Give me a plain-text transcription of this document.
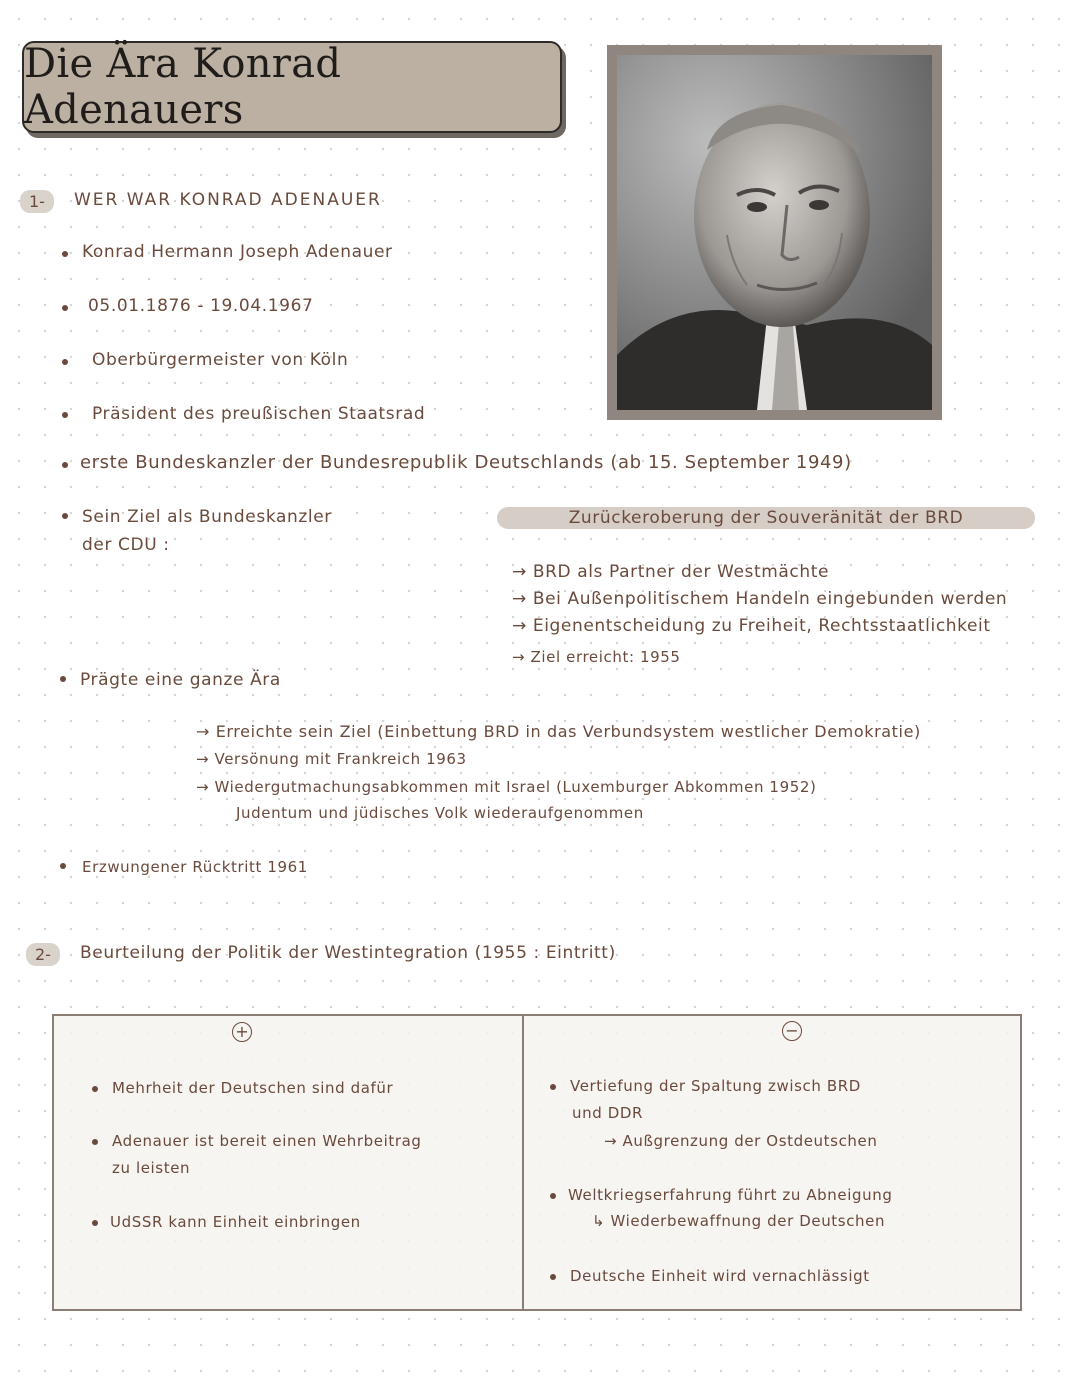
Die Ära Konrad Adenauers
1-	WER WAR KONRAD ADENAUER
Konrad Hermann Joseph Adenauer
05.01.1876 - 19.04.1967
Oberbürgermeister von Köln
Präsident des preußischen Staatsrad
erste Bundeskanzler der Bundesrepublik Deutschlands (ab 15. September 1949)
Sein Ziel als Bundeskanzler
der CDU :
Zurückeroberung der Souveränität der BRD
→ BRD als Partner der Westmächte
→ Bei Außenpolitischem Handeln eingebunden werden
→ Eigenentscheidung zu Freiheit, Rechtsstaatlichkeit
→ Ziel erreicht: 1955
Prägte eine ganze Ära
→ Erreichte sein Ziel (Einbettung BRD in das Verbundsystem westlicher Demokratie)
→ Versönung mit Frankreich 1963
→ Wiedergutmachungsabkommen mit Israel (Luxemburger Abkommen 1952)
Judentum und jüdisches Volk wiederaufgenommen
Erzwungener Rücktritt 1961
2-	Beurteilung der Politik der Westintegration (1955 : Eintritt)
+	−
Mehrheit der Deutschen sind dafür
Adenauer ist bereit einen Wehrbeitrag
zu leisten
UdSSR kann Einheit einbringen
Vertiefung der Spaltung zwisch BRD
und DDR
→ Außgrenzung der Ostdeutschen
Weltkriegserfahrung führt zu Abneigung
↳ Wiederbewaffnung der Deutschen
Deutsche Einheit wird vernachlässigt
